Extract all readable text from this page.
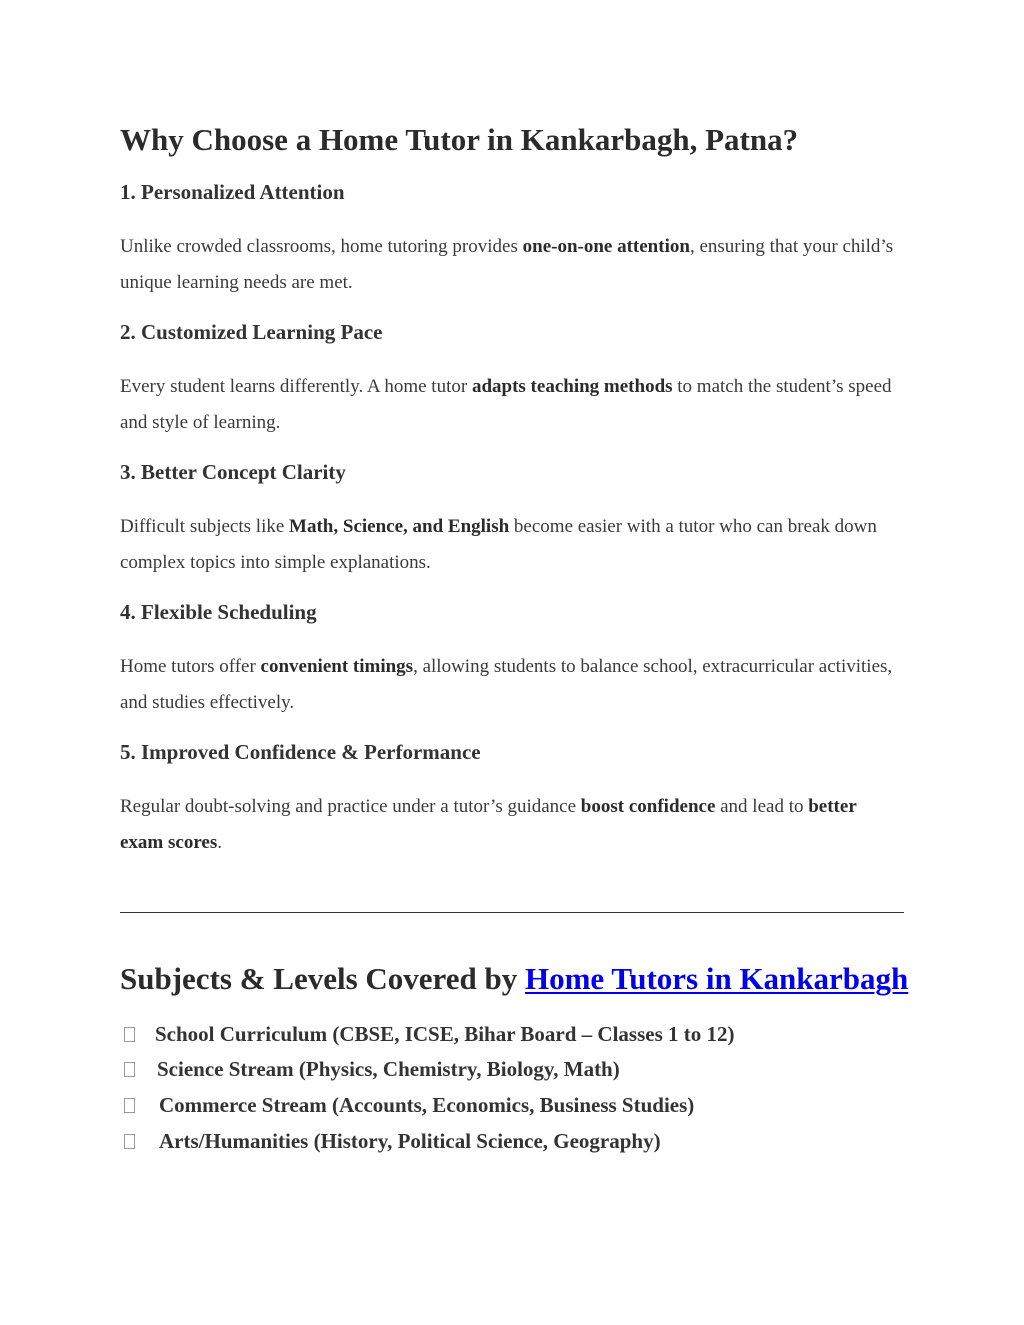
Why Choose a Home Tutor in Kankarbagh, Patna?
1. Personalized Attention
Unlike crowded classrooms, home tutoring provides one-on-one attention, ensuring that your child’s unique learning needs are met.
2. Customized Learning Pace
Every student learns differently. A home tutor adapts teaching methods to match the student’s speed and style of learning.
3. Better Concept Clarity
Difficult subjects like Math, Science, and English become easier with a tutor who can break down complex topics into simple explanations.
4. Flexible Scheduling
Home tutors offer convenient timings, allowing students to balance school, extracurricular activities, and studies effectively.
5. Improved Confidence & Performance
Regular doubt-solving and practice under a tutor’s guidance boost confidence and lead to better exam scores.
Subjects & Levels Covered by Home Tutors in Kankarbagh
School Curriculum (CBSE, ICSE, Bihar Board – Classes 1 to 12)
Science Stream (Physics, Chemistry, Biology, Math)
Commerce Stream (Accounts, Economics, Business Studies)
Arts/Humanities (History, Political Science, Geography)
